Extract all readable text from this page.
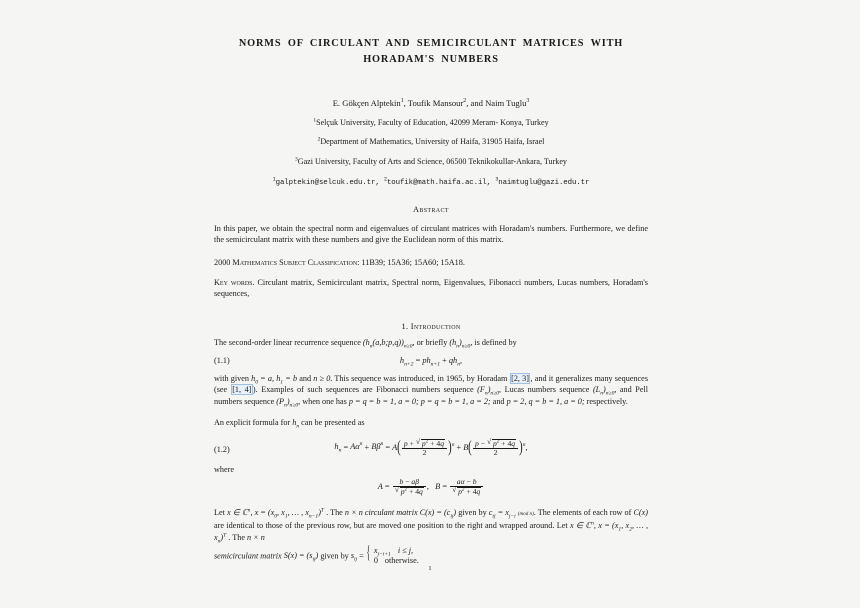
NORMS OF CIRCULANT AND SEMICIRCULANT MATRICES WITH
HORADAM'S NUMBERS
E. Gökçen Alptekin$^1$, Toufik Mansour$^2$, and Naim Tuglu$^3$
$^1$Selçuk University, Faculty of Education, 42099 Meram- Konya, Turkey
$^2$Department of Mathematics, University of Haifa, 31905 Haifa, Israel
$^3$Gazi University, Faculty of Arts and Science, 06500 Teknikokullar-Ankara, Turkey
$^1$galptekin@selcuk.edu.tr, $^2$toufik@math.haifa.ac.il, $^3$naimtuglu@gazi.edu.tr
Abstract
In this paper, we obtain the spectral norm and eigenvalues of circulant matrices with Horadam's numbers. Furthermore, we define the semicirculant matrix with these numbers and give the Euclidean norm of this matrix.
2000 Mathematics Subject Classification: 11B39; 15A36; 15A60; 15A18.
Key words. Circulant matrix, Semicirculant matrix, Spectral norm, Eigenvalues, Fibonacci numbers, Lucas numbers, Horadam's sequences,
1. Introduction
The second-order linear recurrence sequence $(h_n(a,b;p,q))_{n\ge 0}$, or briefly $(h_n)_{n\ge 0}$, is defined by
(1.1)	$h_{n+2} = ph_{n+1} + qh_n$,
with given $h_0 = a$, $h_1 = b$ and n ≥ 0. This sequence was introduced, in 1965, by Horadam [2, 3] , and it generalizes many sequences (see [1, 4] ). Examples of such sequences are Fibonacci numbers sequence $(F_n)_{n\ge 0}$, Lucas numbers sequence $(L_n)_{n\ge 0}$, and Pell numbers sequence $(P_n)_{n\ge 0}$, when one has p = q = b = 1, a = 0; p = q = b = 1, a = 2; and p = 2, q = b = 1, a = 0; respectively.
An explicit formula for $h_n$ can be presented as
(1.2)	$h_n = A\alpha^n + B\beta^n = A( \frac{p + √ p^2 + 4q}{2} )n + B( \frac{p - √ p^2 + 4q}{2} )n$,
where
A = b − aβ
√ $p^2 + 4q$ , B = aα − b
√ $p^2 + 4q$
Let x ∈ ℂ$^n$, $x = (x_0$, $x_1$, … , $x_{n-1})^T$ . The n × n circulant matrix $C(x) = (c_{ij})$ given by $c_{ij} = x_{j-i}$ (mod n). The elements of each row of C(x) are identical to those of the previous row, but are moved one position to the right and wrapped around. Let x ∈ ℂ$^n$, $x = (x_1$, $x_2$, … , $x_n)^T$ . The n × n
semicirculant matrix $S(x) = (s_{ij})$ given by $s_{ij}$ =
{ $x_{j-i+1}$ i ≤ j,
0 otherwise.
1
